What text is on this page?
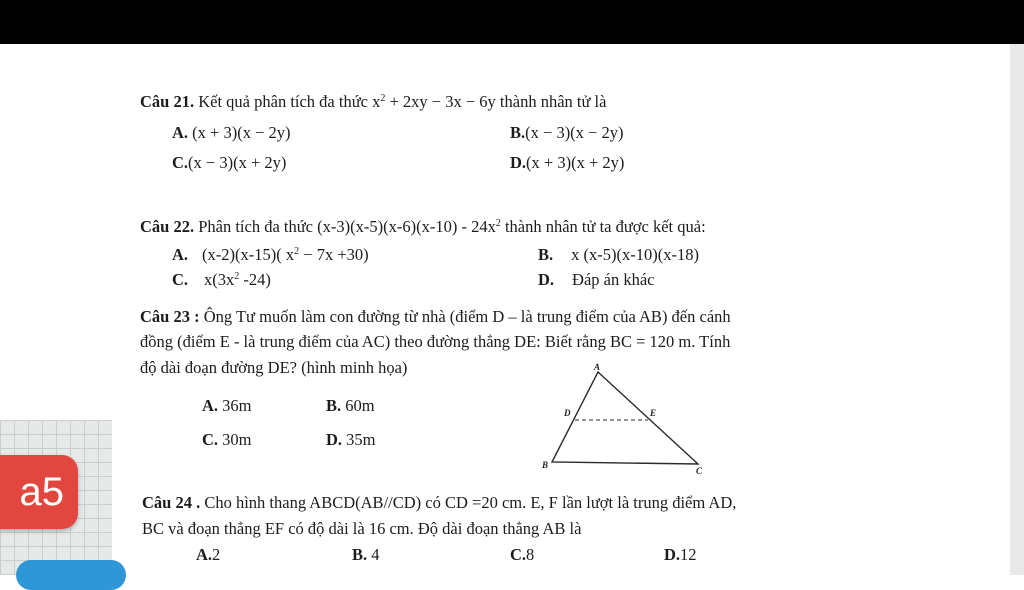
a5
Câu 21. Kết quả phân tích đa thức $x^2 + 2xy - 3x - 6y$ thành nhân tử là
A. (x + 3)(x − 2y)	B.(x − 3)(x − 2y)
C.(x − 3)(x + 2y)	D.(x + 3)(x + 2y)
Câu 22. Phân tích đa thức $(x-3)(x-5)(x-6)(x-10) - 24x^2$ thành nhân tử ta được kết quả:
A. (x-2)(x-15)( $x^2 - 7x +30$)	B. x (x-5)(x-10)(x-18)
C. $x(3x^2$ -24)	D. Đáp án khác
Câu 23 : Ông Tư muốn làm con đường từ nhà (điểm D – là trung điểm của AB) đến cánh
đồng (điểm E - là trung điểm của AC) theo đường thẳng DE: Biết rằng BC = 120 m. Tính
độ dài đoạn đường DE? (hình minh họa)
A. 36m	B. 60m
C. 30m	D. 35m
A
B
C
D	E
Câu 24 . Cho hình thang ABCD(AB//CD) có CD =20 cm. E, F lần lượt là trung điểm AD,
BC và đoạn thẳng EF có độ dài là 16 cm. Độ dài đoạn thẳng AB là
A.2	B. 4	C.8	D.12
